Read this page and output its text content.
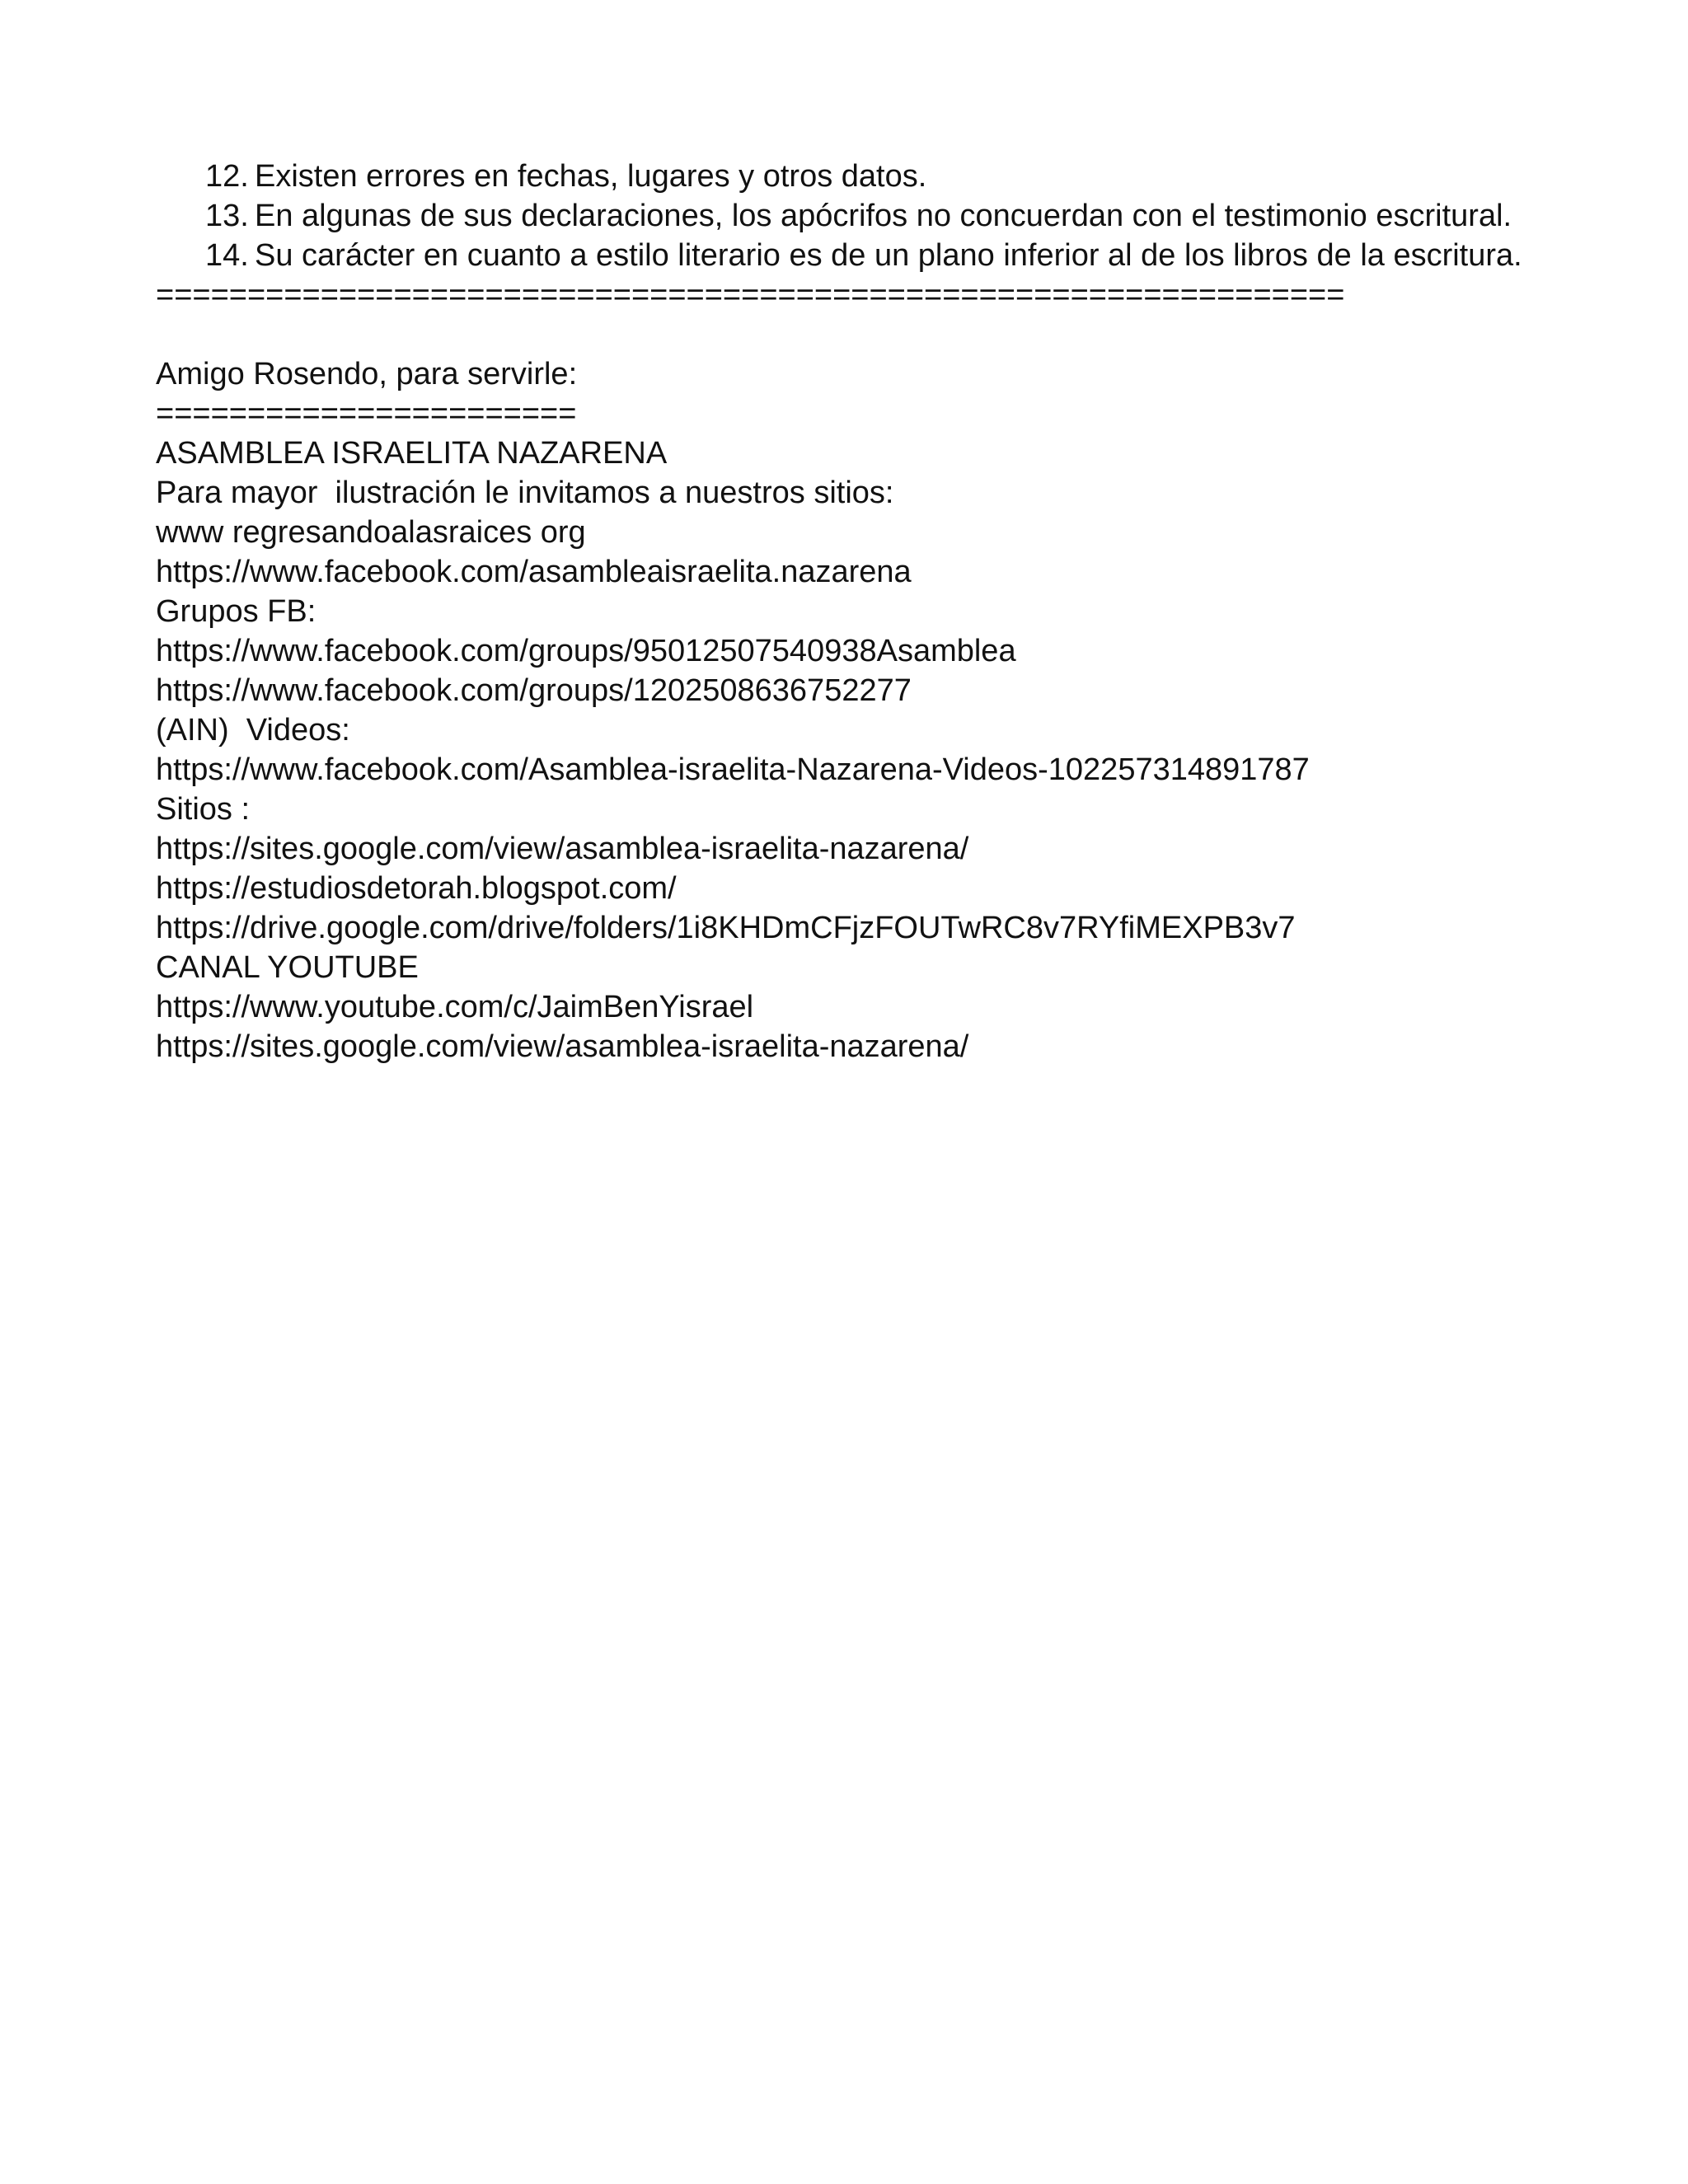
12. Existen errores en fechas, lugares y otros datos.
13. En algunas de sus declaraciones, los apócrifos no concuerdan con el testimonio escritural.
14. Su carácter en cuanto a estilo literario es de un plano inferior al de los libros de la escritura.
=================================================================
Amigo Rosendo, para servirle:
=======================
ASAMBLEA ISRAELITA NAZARENA
Para mayor  ilustración le invitamos a nuestros sitios:
www regresandoalasraices org
https://www.facebook.com/asambleaisraelita.nazarena
Grupos FB:
https://www.facebook.com/groups/95012507540938Asamblea
https://www.facebook.com/groups/1202508636752277
(AIN)  Videos:
https://www.facebook.com/Asamblea-israelita-Nazarena-Videos-102257314891787
Sitios :
https://sites.google.com/view/asamblea-israelita-nazarena/
https://estudiosdetorah.blogspot.com/
https://drive.google.com/drive/folders/1i8KHDmCFjzFOUTwRC8v7RYfiMEXPB3v7
CANAL YOUTUBE
https://www.youtube.com/c/JaimBenYisrael
https://sites.google.com/view/asamblea-israelita-nazarena/
